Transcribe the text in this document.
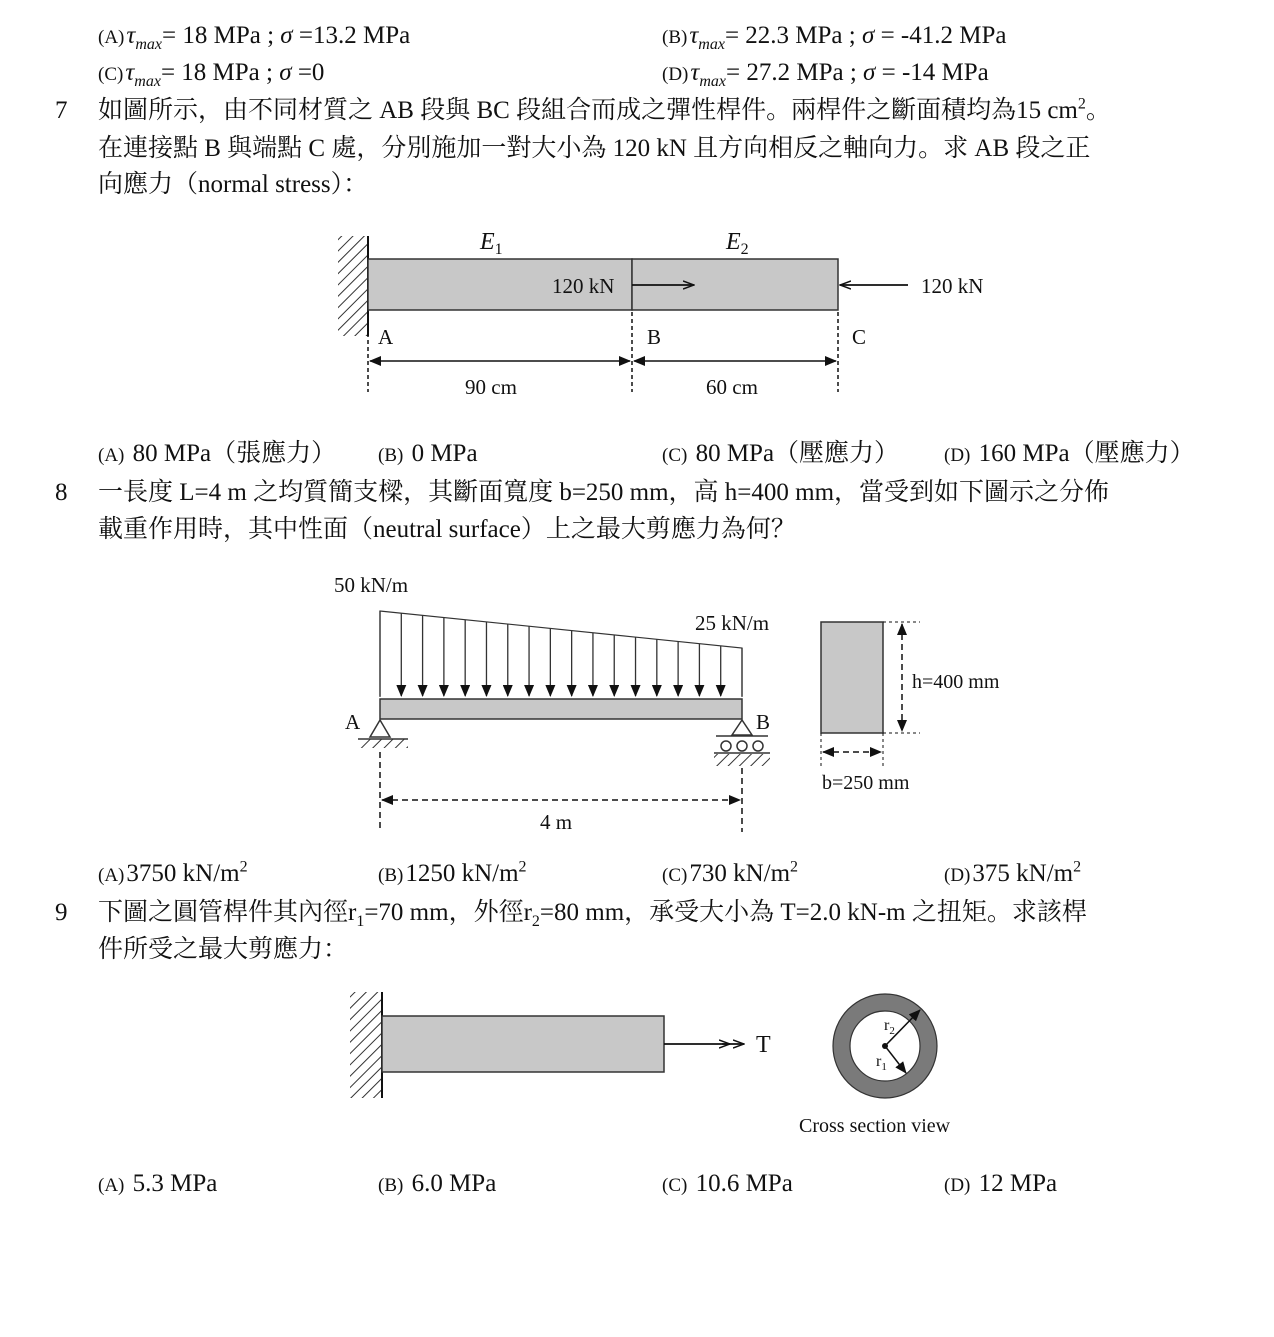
$(A)\tau_{max}= 18$ MPa ; σ =13.2 MPa	$(B)\tau_{max}= 22.3$ MPa ; σ = -41.2 MPa
$(C)\tau_{max}= 18$ MPa ; σ =0	$(D)\tau_{max}= 27.2$ MPa ; σ = -14 MPa
7 如圖所示，由不同材質之 AB 段與 BC 段組合而成之彈性桿件。兩桿件之斷面積均為15 $cm^2$。
在連接點 B 與端點 C 處，分別施加一對大小為 120 kN 且方向相反之軸向力。求 AB 段之正
向應力（normal stress）：
$E_1$	$E_2$
120 kN	120 kN
A	B	C
90 cm	60 cm
50 kN/m
25 kN/m
A	B
4 m
h=400 mm
b=250 mm
T
$r_2$
$r_1$
Cross section view
(A) 80 MPa（張應力） (B) 0 MPa	(C) 80 MPa（壓應力） (D) 160 MPa（壓應力）
8 一長度 L=4 m 之均質簡支樑，其斷面寬度 b=250 mm，高 h=400 mm，當受到如下圖示之分佈
載重作用時，其中性面（neutral surface）上之最大剪應力為何？
(A)3750 $kN/m^2$	(B)1250 $kN/m^2$	(C)730 $kN/m^2$	(D)375 $kN/m^2$
9 下圖之圓管桿件其內徑$r_1=70$ mm，外徑$r_2=80$ mm，承受大小為 T=2.0 kN-m 之扭矩。求該桿
件所受之最大剪應力：
(A) 5.3 MPa	(B) 6.0 MPa	(C) 10.6 MPa	(D) 12 MPa
